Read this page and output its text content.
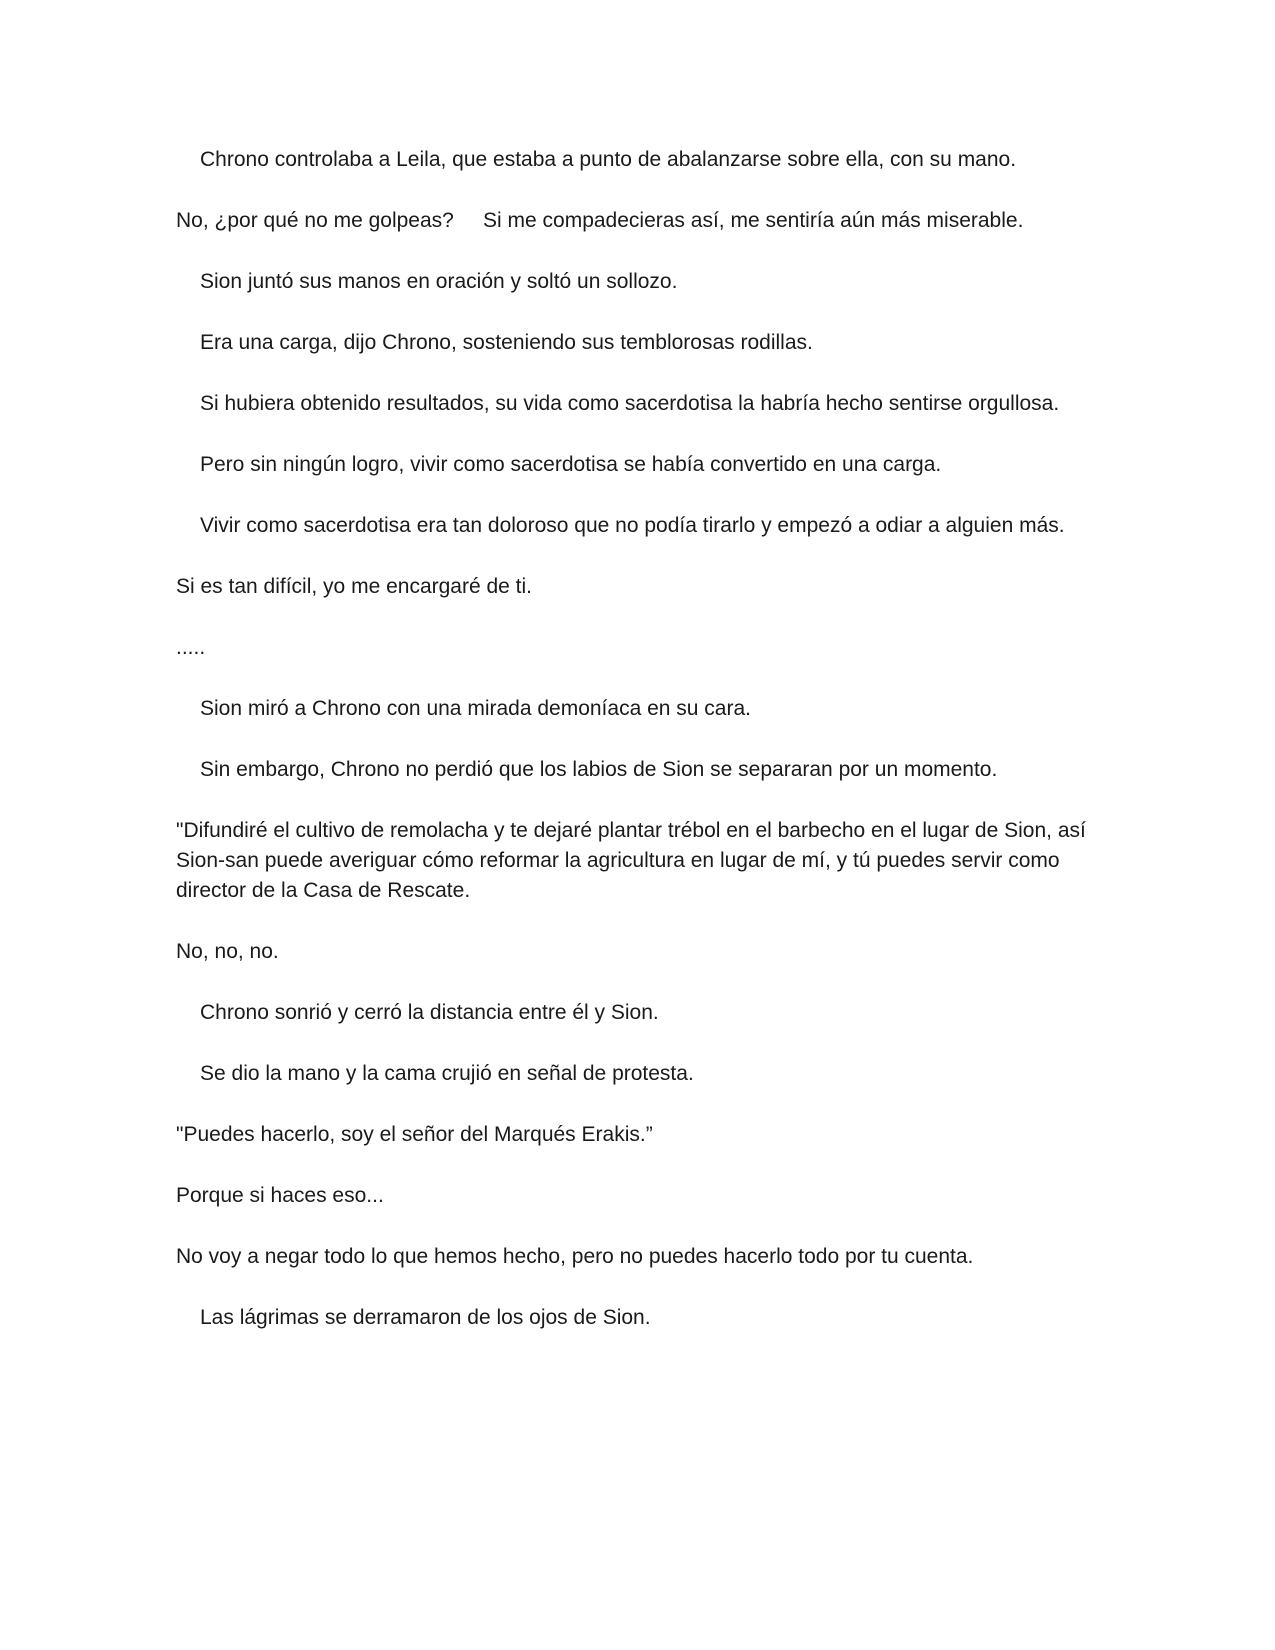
Chrono controlaba a Leila, que estaba a punto de abalanzarse sobre ella, con su mano.

No, ¿por qué no me golpeas?     Si me compadecieras así, me sentiría aún más miserable.

Sion juntó sus manos en oración y soltó un sollozo.

Era una carga, dijo Chrono, sosteniendo sus temblorosas rodillas.

Si hubiera obtenido resultados, su vida como sacerdotisa la habría hecho sentirse orgullosa.

Pero sin ningún logro, vivir como sacerdotisa se había convertido en una carga.

Vivir como sacerdotisa era tan doloroso que no podía tirarlo y empezó a odiar a alguien más.

Si es tan difícil, yo me encargaré de ti.

.....

Sion miró a Chrono con una mirada demoníaca en su cara.

Sin embargo, Chrono no perdió que los labios de Sion se separaran por un momento.

"Difundiré el cultivo de remolacha y te dejaré plantar trébol en el barbecho en el lugar de Sion, así Sion-san puede averiguar cómo reformar la agricultura en lugar de mí, y tú puedes servir como director de la Casa de Rescate.

No, no, no.

Chrono sonrió y cerró la distancia entre él y Sion.

Se dio la mano y la cama crujió en señal de protesta.

"Puedes hacerlo, soy el señor del Marqués Erakis.”

Porque si haces eso...

No voy a negar todo lo que hemos hecho, pero no puedes hacerlo todo por tu cuenta.

Las lágrimas se derramaron de los ojos de Sion.
